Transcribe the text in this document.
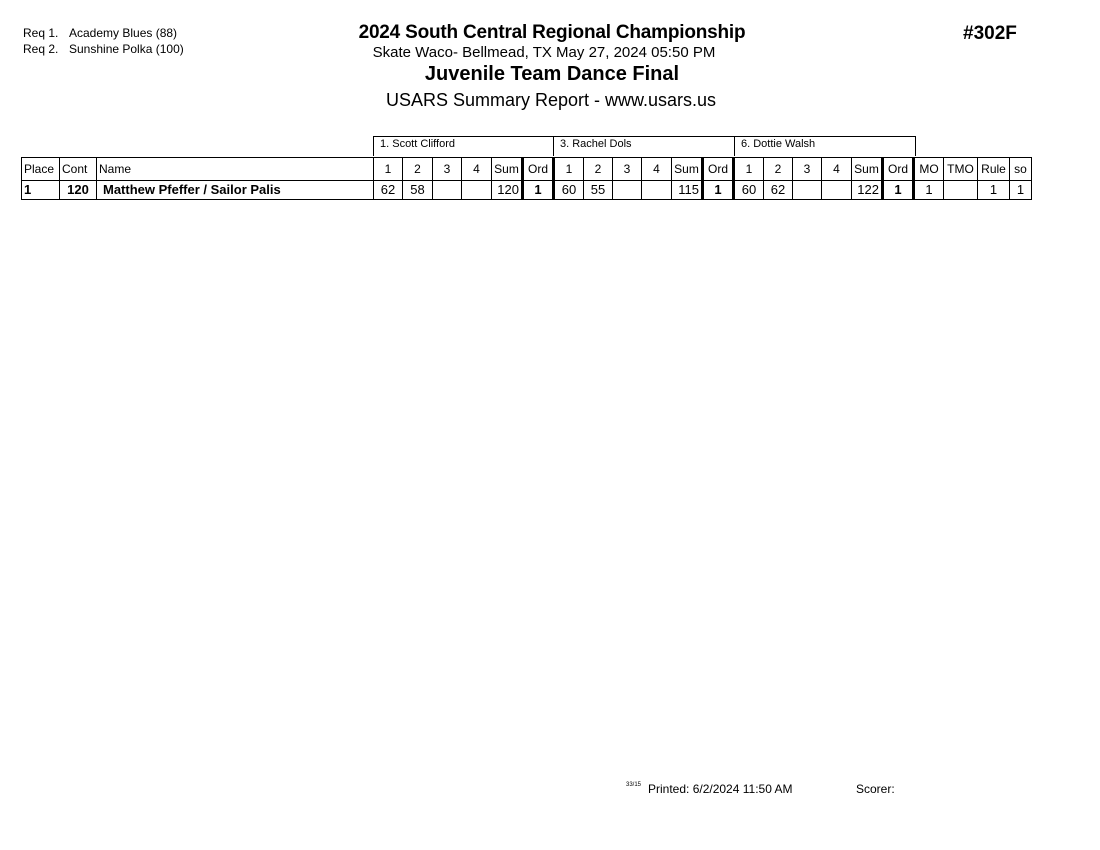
Req 1. Academy Blues (88)
Req 2. Sunshine Polka (100)
2024 South Central Regional Championship
Skate Waco- Bellmead, TX May 27, 2024 05:50 PM
Juvenile Team Dance Final
USARS Summary Report - www.usars.us
#302F
1. Scott Clifford	3. Rachel Dols	6. Dottie Walsh
Place	Cont	Name	1	2	3	4	Sum	Ord	1	2	3	4	Sum	Ord	1	2	3	4	Sum	Ord	MO	TMO	Rule	so
1	120	Matthew Pfeffer / Sailor Palis	62	58			120	1	60	55			115	1	60	62			122	1	1		1	1
33/15 Printed: 6/2/2024 11:50 AM	Scorer:
